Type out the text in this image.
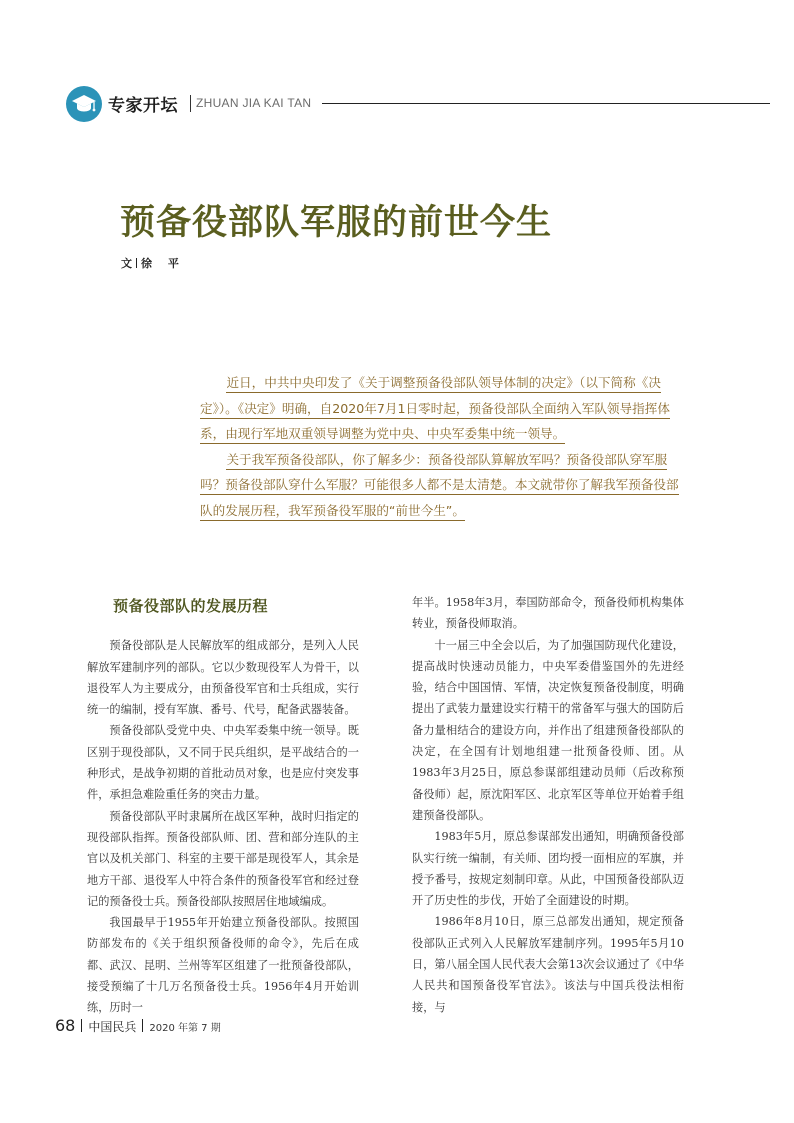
专家开坛 ZHUAN JIA KAI TAN
预备役部队军服的前世今生
文 徐 平

近日，中共中央印发了《关于调整预备役部队领导体制的决定》（以下简称《决定》）。《决定》明确，自2020年7月1日零时起，预备役部队全面纳入军队领导指挥体系，由现行军地双重领导调整为党中央、中央军委集中统一领导。

关于我军预备役部队，你了解多少：预备役部队算解放军吗？预备役部队穿军服吗？预备役部队穿什么军服？可能很多人都不是太清楚。本文就带你了解我军预备役部队的发展历程，我军预备役军服的“前世今生”。

预备役部队的发展历程

预备役部队是人民解放军的组成部分，是列入人民解放军建制序列的部队。它以少数现役军人为骨干，以退役军人为主要成分，由预备役军官和士兵组成，实行统一的编制，授有军旗、番号、代号，配备武器装备。

预备役部队受党中央、中央军委集中统一领导。既区别于现役部队，又不同于民兵组织，是平战结合的一种形式，是战争初期的首批动员对象，也是应付突发事件，承担急难险重任务的突击力量。

预备役部队平时隶属所在战区军种，战时归指定的现役部队指挥。预备役部队师、团、营和部分连队的主官以及机关部门、科室的主要干部是现役军人，其余是地方干部、退役军人中符合条件的预备役军官和经过登记的预备役士兵。预备役部队按照居住地域编成。

我国最早于1955年开始建立预备役部队。按照国防部发布的《关于组织预备役师的命令》，先后在成都、武汉、昆明、兰州等军区组建了一批预备役部队，接受预编了十几万名预备役士兵。1956年4月开始训练，历时一

年半。1958年3月，奉国防部命令，预备役师机构集体转业，预备役师取消。

十一届三中全会以后，为了加强国防现代化建设，提高战时快速动员能力，中央军委借鉴国外的先进经验，结合中国国情、军情，决定恢复预备役制度，明确提出了武装力量建设实行精干的常备军与强大的国防后备力量相结合的建设方向，并作出了组建预备役部队的决定，在全国有计划地组建一批预备役师、团。从1983年3月25日，原总参谋部组建动员师（后改称预备役师）起，原沈阳军区、北京军区等单位开始着手组建预备役部队。

1983年5月，原总参谋部发出通知，明确预备役部队实行统一编制，有关师、团均授一面相应的军旗，并授予番号，按规定刻制印章。从此，中国预备役部队迈开了历史性的步伐，开始了全面建设的时期。

1986年8月10日，原三总部发出通知，规定预备役部队正式列入人民解放军建制序列。1995年5月10日，第八届全国人民代表大会第13次会议通过了《中华人民共和国预备役军官法》。该法与中国兵役法相衔接，与

68 中国民兵 2020 年第 7 期
